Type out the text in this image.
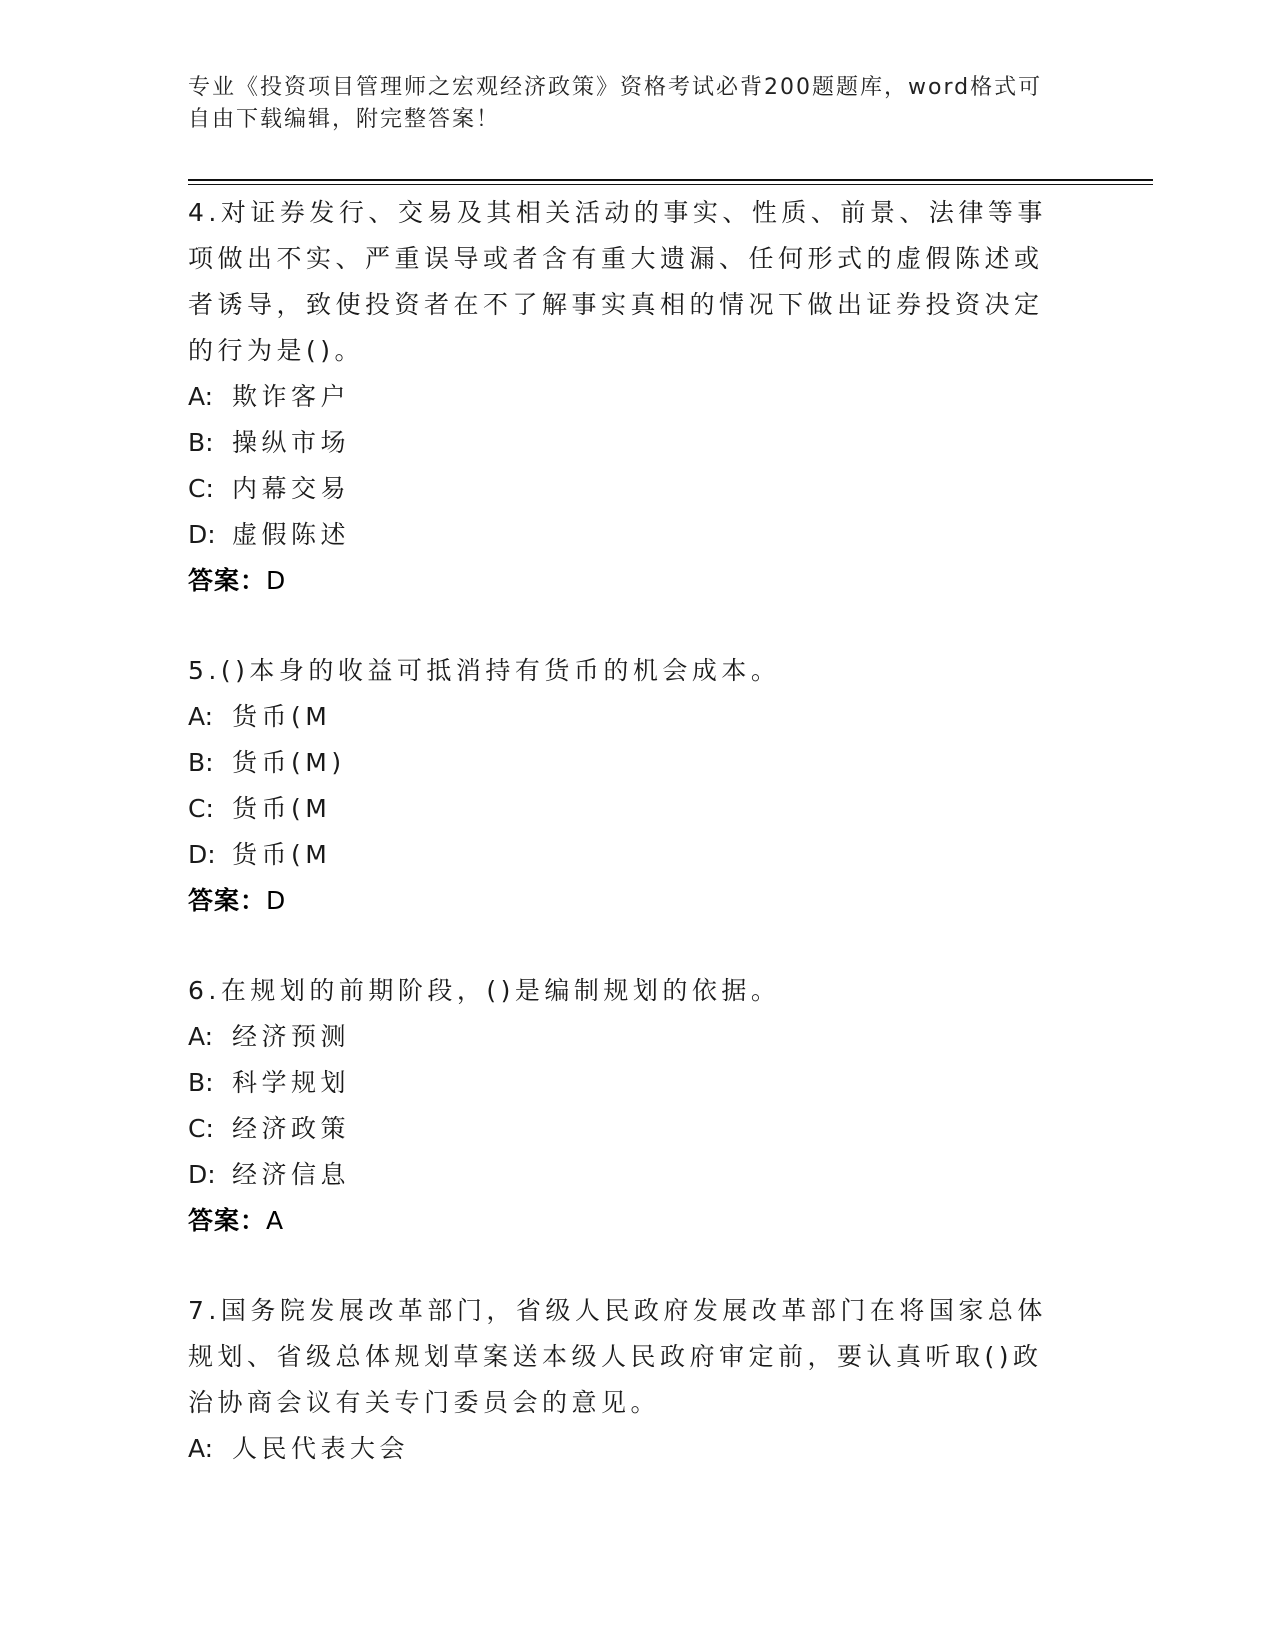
专业《投资项目管理师之宏观经济政策》资格考试必背200题题库，word格式可
自由下载编辑，附完整答案！
4.对证券发行、交易及其相关活动的事实、性质、前景、法律等事项做出不实、严重误导或者含有重大遗漏、任何形式的虚假陈述或者诱导，致使投资者在不了解事实真相的情况下做出证券投资决定的行为是()。
A: 欺诈客户
B: 操纵市场
C: 内幕交易
D: 虚假陈述
答案：D
5.()本身的收益可抵消持有货币的机会成本。
A: 货币(M
B: 货币(M)
C: 货币(M
D: 货币(M
答案：D
6.在规划的前期阶段，()是编制规划的依据。
A: 经济预测
B: 科学规划
C: 经济政策
D: 经济信息
答案：A
7.国务院发展改革部门，省级人民政府发展改革部门在将国家总体规划、省级总体规划草案送本级人民政府审定前，要认真听取()政治协商会议有关专门委员会的意见。
A: 人民代表大会
